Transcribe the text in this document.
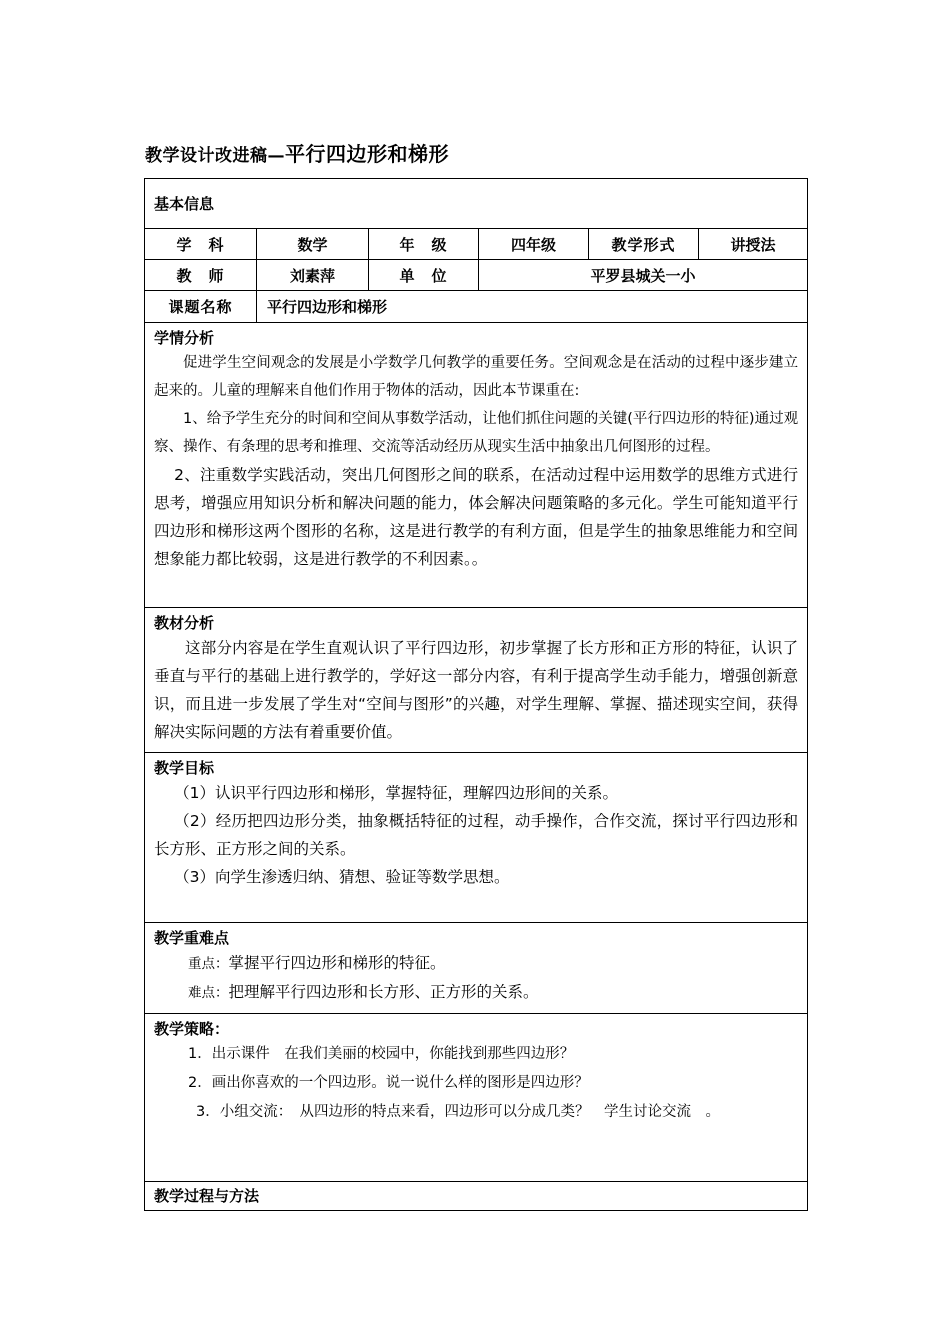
教学设计改进稿—平行四边形和梯形
基本信息					
学　科	数学	年　级	四年级	教学形式	讲授法
教　师	刘素萍	单　位	平罗县城关一小		
课题名称	平行四边形和梯形				

学情分析

促进学生空间观念的发展是小学数学几何教学的重要任务。空间观念是在活动的过程中逐步建立起来的。儿童的理解来自他们作用于物体的活动，因此本节课重在:

1、给予学生充分的时间和空间从事数学活动，让他们抓住问题的关键(平行四边形的特征)通过观察、操作、有条理的思考和推理、交流等活动经历从现实生活中抽象出几何图形的过程。

2、注重数学实践活动，突出几何图形之间的联系，在活动过程中运用数学的思维方式进行思考，增强应用知识分析和解决问题的能力，体会解决问题策略的多元化。学生可能知道平行四边形和梯形这两个图形的名称，这是进行教学的有利方面，但是学生的抽象思维能力和空间想象能力都比较弱，这是进行教学的不利因素。。					

教材分析

这部分内容是在学生直观认识了平行四边形，初步掌握了长方形和正方形的特征，认识了垂直与平行的基础上进行教学的，学好这一部分内容，有利于提高学生动手能力，增强创新意识，而且进一步发展了学生对“空间与图形”的兴趣，对学生理解、掌握、描述现实空间，获得解决实际问题的方法有着重要价值。					

教学目标

（1）认识平行四边形和梯形，掌握特征，理解四边形间的关系。

（2）经历把四边形分类，抽象概括特征的过程，动手操作，合作交流，探讨平行四边形和长方形、正方形之间的关系。

（3）向学生渗透归纳、猜想、验证等数学思想。					

教学重难点

重点：掌握平行四边形和梯形的特征。

难点：把理解平行四边形和长方形、正方形的关系。					

教学策略：

1．出示课件　在我们美丽的校园中，你能找到那些四边形？

2．画出你喜欢的一个四边形。说一说什么样的图形是四边形？

3．小组交流：　从四边形的特点来看，四边形可以分成几类？　学生讨论交流　。					

教学过程与方法					
